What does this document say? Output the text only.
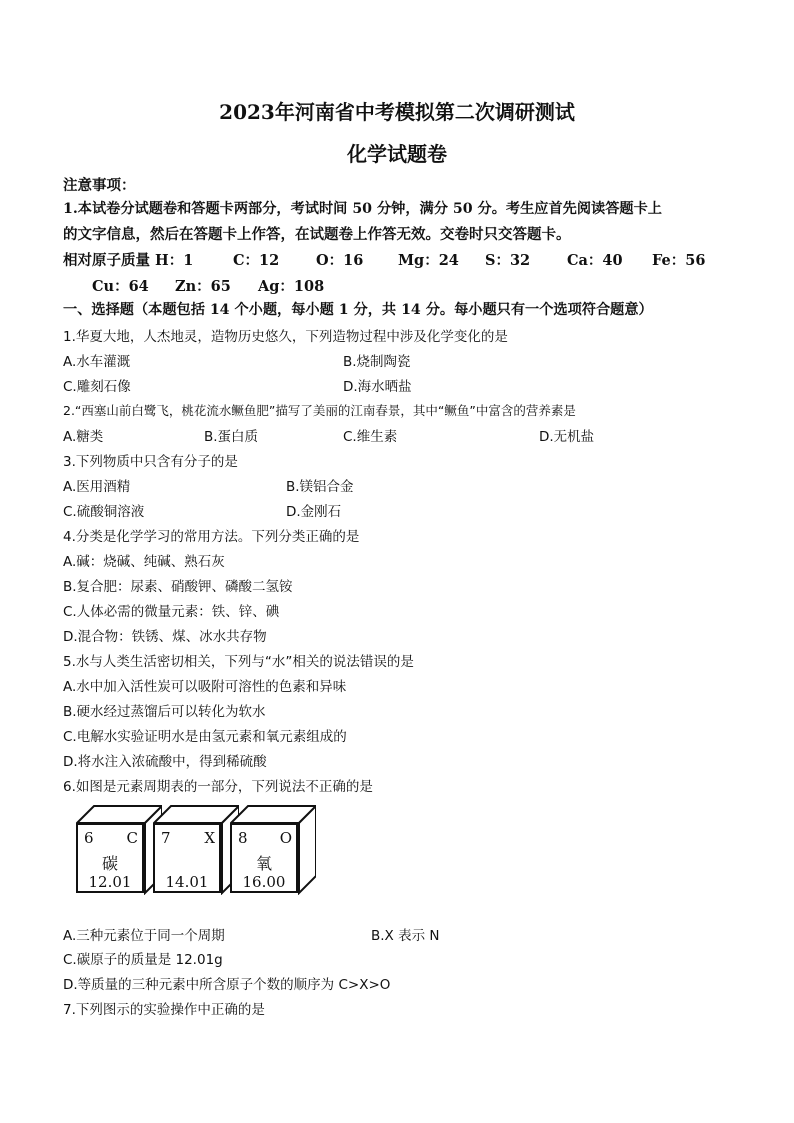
2023年河南省中考模拟第二次调研测试
化学试题卷
注意事项：
1.本试卷分试题卷和答题卡两部分，考试时间 50 分钟，满分 50 分。考生应首先阅读答题卡上
的文字信息，然后在答题卡上作答，在试题卷上作答无效。交卷时只交答题卡。
相对原子质量 H：1	C：12	O：16 Mg：24 S：32	Ca：40 Fe：56
Cu：64 Zn：65 Ag：108
一、选择题（本题包括 14 个小题，每小题 1 分，共 14 分。每小题只有一个选项符合题意）
1.华夏大地，人杰地灵，造物历史悠久，下列造物过程中涉及化学变化的是
A.水车灌溉	B.烧制陶瓷
C.雕刻石像	D.海水晒盐
2.“西塞山前白鹭飞，桃花流水鳜鱼肥”描写了美丽的江南春景，其中“鳜鱼”中富含的营养素是
A.糖类	B.蛋白质	C.维生素	D.无机盐
3.下列物质中只含有分子的是
A.医用酒精	B.镁铝合金
C.硫酸铜溶液	D.金刚石
4.分类是化学学习的常用方法。下列分类正确的是
A.碱：烧碱、纯碱、熟石灰
B.复合肥：尿素、硝酸钾、磷酸二氢铵
C.人体必需的微量元素：铁、锌、碘
D.混合物：铁锈、煤、冰水共存物
5.水与人类生活密切相关，下列与“水”相关的说法错误的是
A.水中加入活性炭可以吸附可溶性的色素和异味
B.硬水经过蒸馏后可以转化为软水
C.电解水实验证明水是由氢元素和氧元素组成的
D.将水注入浓硫酸中，得到稀硫酸
6.如图是元素周期表的一部分，下列说法不正确的是
6 C
碳
12.01
7 X
14.01
8 O
氧
16.00
A.三种元素位于同一个周期	B.X 表示 N
C.碳原子的质量是 12.01g
D.等质量的三种元素中所含原子个数的顺序为 C>X>O
7.下列图示的实验操作中正确的是
